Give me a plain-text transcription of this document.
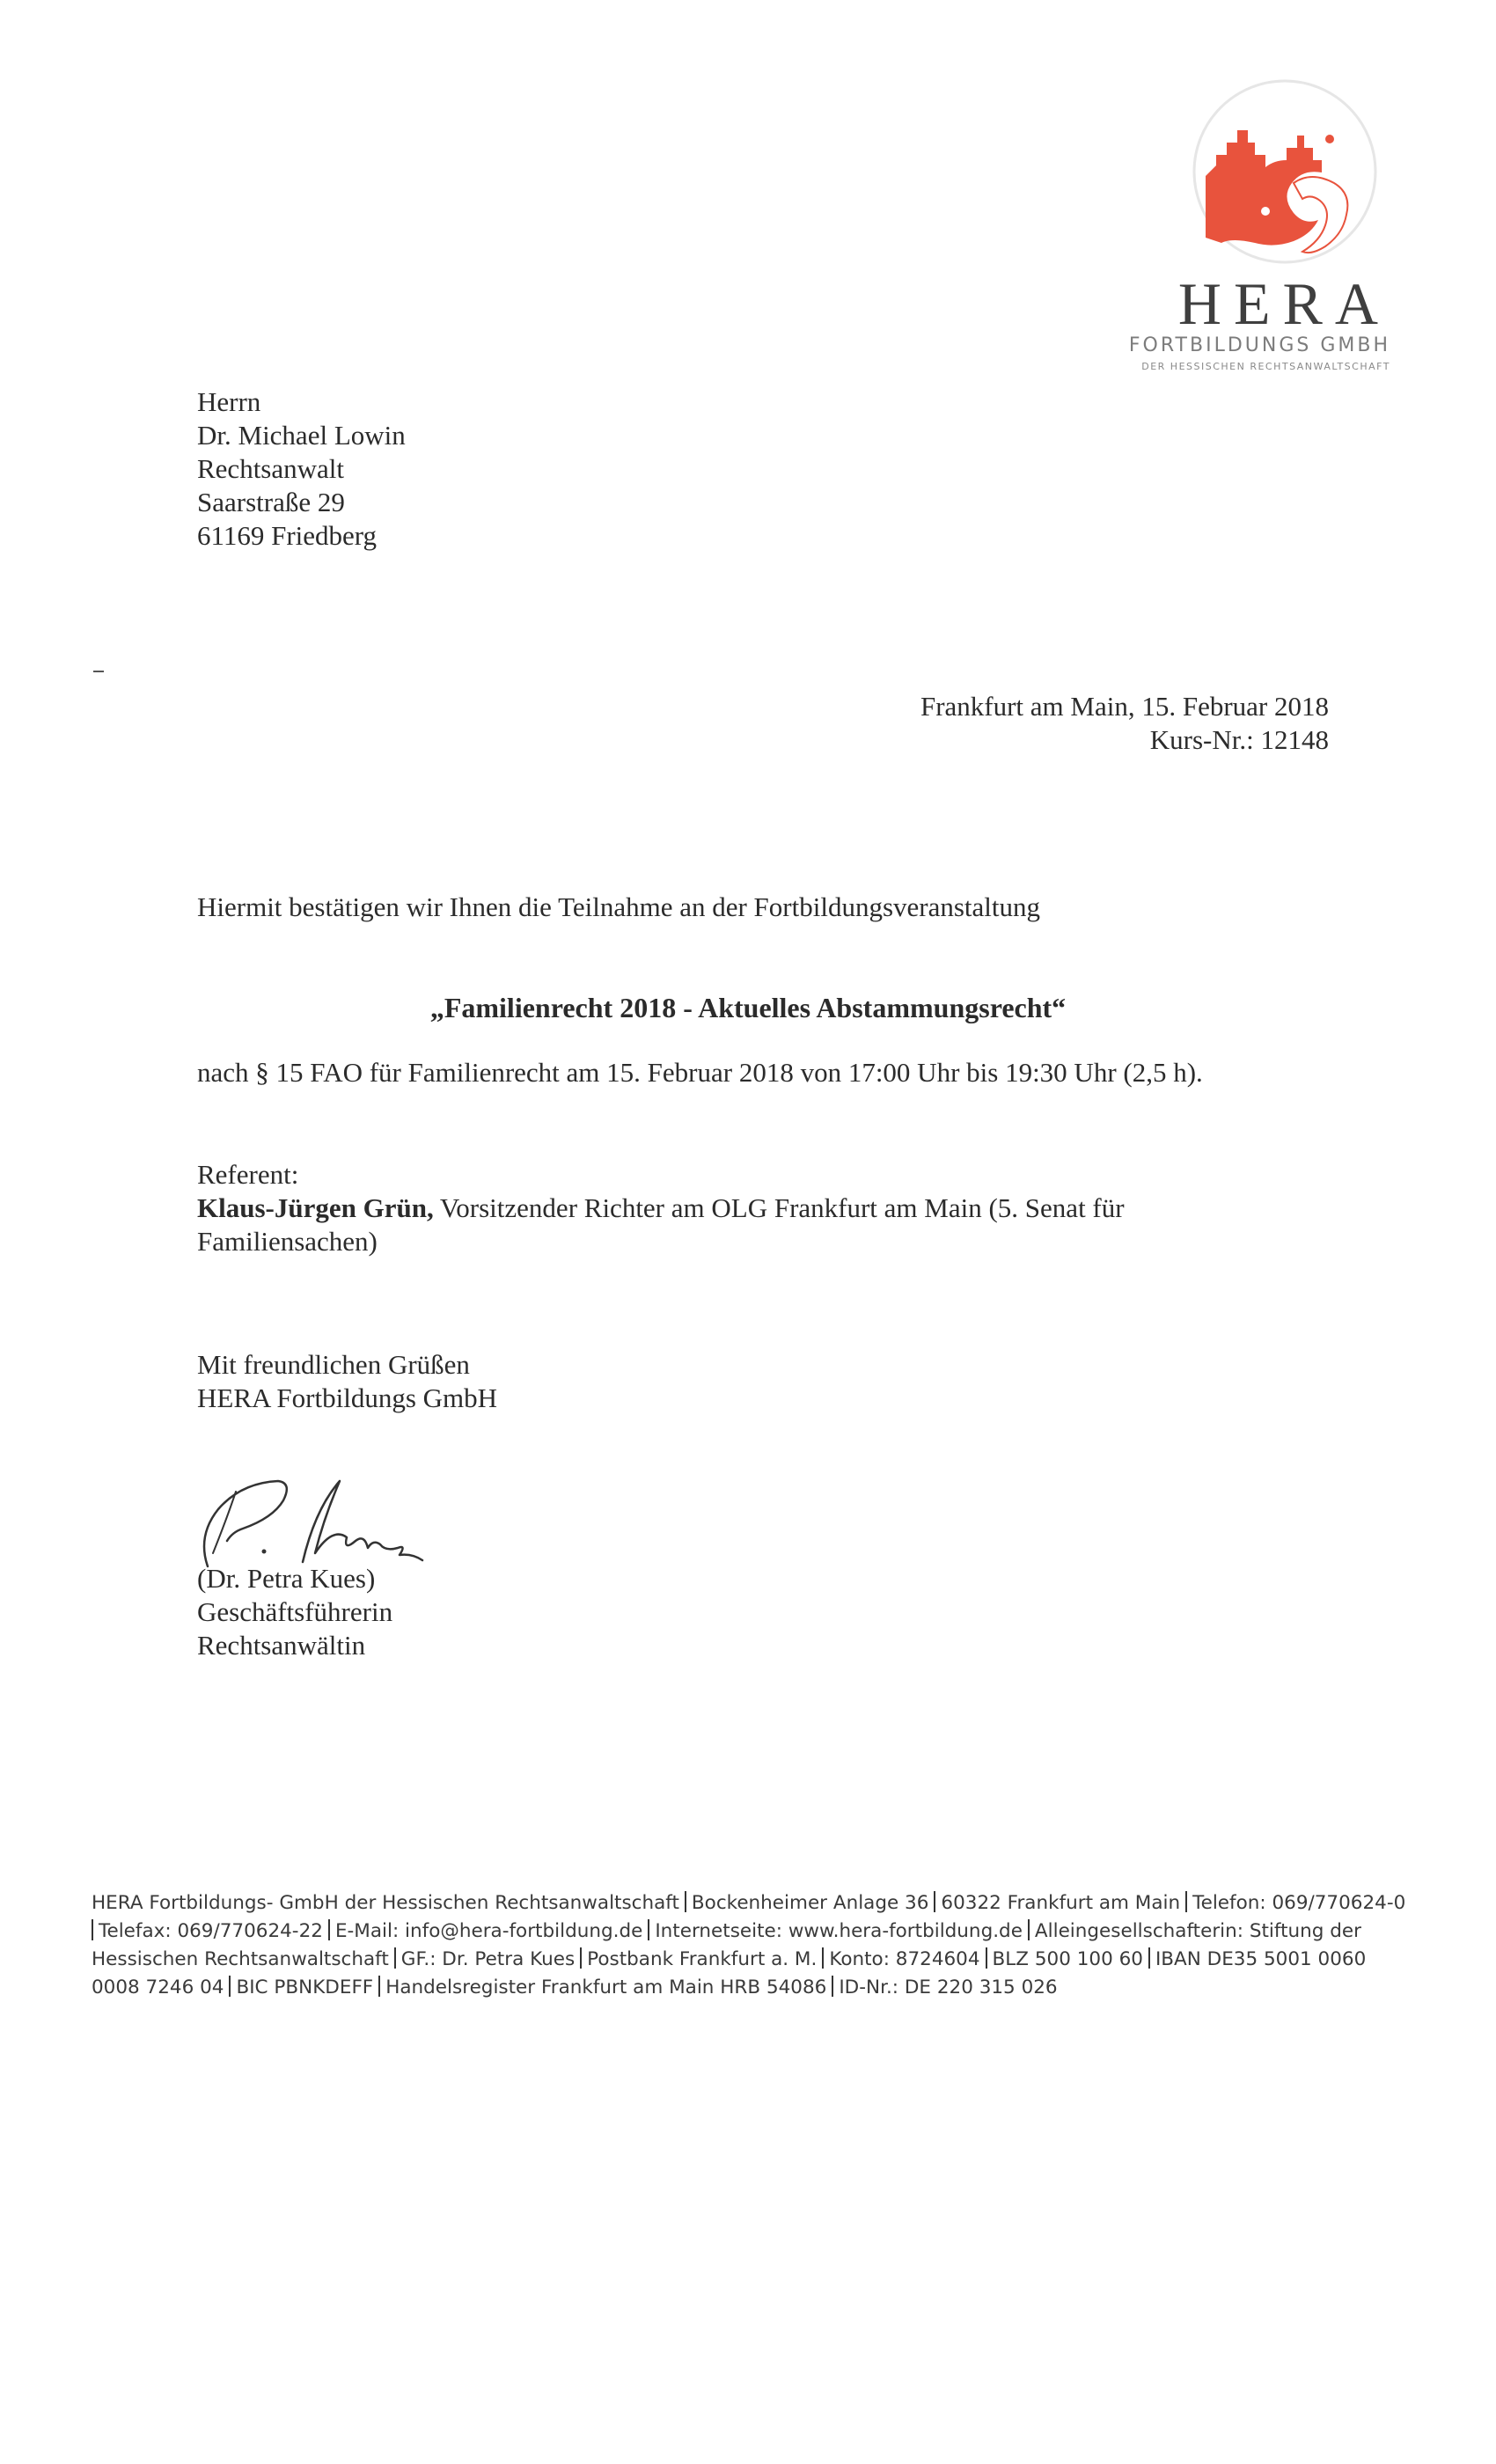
HERA
FORTBILDUNGS GMBH
DER HESSISCHEN RECHTSANWALTSCHAFT
Herrn
Dr. Michael Lowin
Rechtsanwalt
Saarstraße 29
61169 Friedberg
Frankfurt am Main, 15. Februar 2018
Kurs-Nr.: 12148
Hiermit bestätigen wir Ihnen die Teilnahme an der Fortbildungsveranstaltung
„Familienrecht 2018 - Aktuelles Abstammungsrecht“
nach § 15 FAO für Familienrecht am 15. Februar 2018 von 17:00 Uhr bis 19:30 Uhr (2,5 h).
Referent:
Klaus-Jürgen Grün, Vorsitzender Richter am OLG Frankfurt am Main (5. Senat für
Familiensachen)
Mit freundlichen Grüßen
HERA Fortbildungs GmbH
(Dr. Petra Kues)
Geschäftsführerin
Rechtsanwältin
HERA Fortbildungs- GmbH der Hessischen Rechtsanwaltschaft Bockenheimer Anlage 36 60322 Frankfurt am Main Telefon: 069/770624-0
Telefax: 069/770624-22 E-Mail: info@hera-fortbildung.de Internetseite: www.hera-fortbildung.de Alleingesellschafterin: Stiftung der
Hessischen Rechtsanwaltschaft GF.: Dr. Petra Kues Postbank Frankfurt a. M. Konto: 8724604 BLZ 500 100 60 IBAN DE35 5001 0060
0008 7246 04 BIC PBNKDEFF Handelsregister Frankfurt am Main HRB 54086 ID-Nr.: DE 220 315 026
